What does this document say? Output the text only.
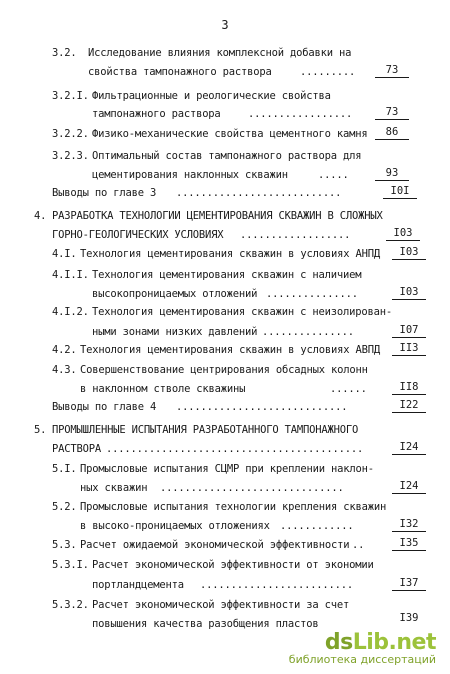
3
3.2. Исследование влияния комплексной добавки на
свойства тампонажного раствора	.........	73
3.2.I. Фильтрационные и реологические свойства
тампонажного раствора	.................	73
3.2.2. Физико-механические свойства цементного камня	86
3.2.3. Оптимальный состав тампонажного раствора для
цементирования наклонных скважин	.....	93
Выводы по главе 3 ...........................	I0I
4. РАЗРАБОТКА ТЕХНОЛОГИИ ЦЕМЕНТИРОВАНИЯ СКВАЖИН В СЛОЖНЫХ
ГОРНО-ГЕОЛОГИЧЕСКИХ УСЛОВИЯХ ..................	I03
4.I. Технология цементирования скважин в условиях АНПД	I03
4.I.I. Технология цементирования скважин с наличием
высокопроницаемых отложений ...............	I03
4.I.2. Технология цементирования скважин с неизолирован-
ными зонами низких давлений ...............	I07
4.2. Технология цементирования скважин в условиях АВПД	II3
4.3. Совершенствование центрирования обсадных колонн
в наклонном стволе скважины	......	II8
Выводы по главе 4 ............................	I22
5. ПРОМЫШЛЕННЫЕ ИСПЫТАНИЯ РАЗРАБОТАННОГО ТАМПОНАЖНОГО
РАСТВОРА ..........................................	I24
5.I. Промысловые испытания СЦМР при креплении наклон-
ных скважин ..............................	I24
5.2. Промысловые испытания технологии крепления скважин
в высоко-проницаемых отложениях ............	I32
5.3. Расчет ожидаемой экономической эффективности ..	I35
5.3.I. Расчет экономической эффективности от экономии
портландцемента .........................	I37
5.3.2. Расчет экономической эффективности за счет
повышения качества разобщения пластов	I39
dsLib.net
библиотека диссертаций
